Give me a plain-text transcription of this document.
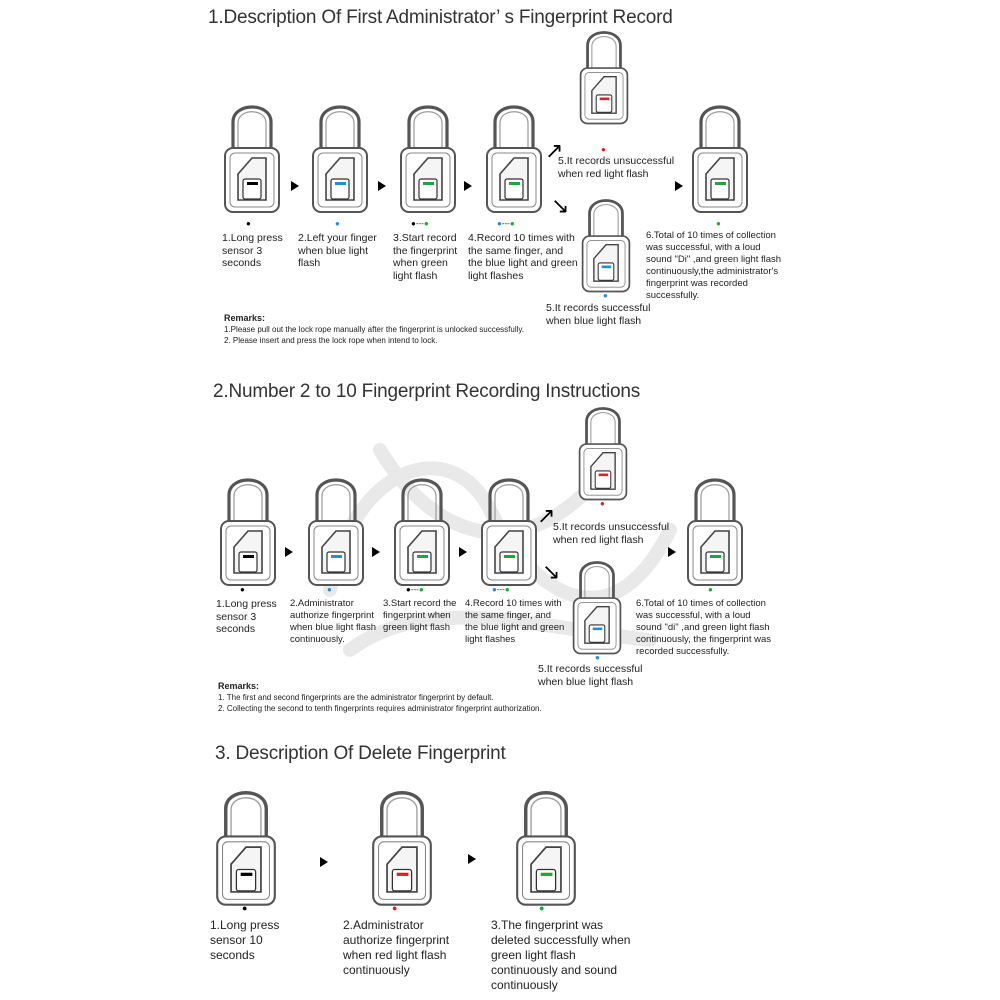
1.Description Of First Administrator’ s Fingerprint Record
↗
↘
●	●	●---●	●---●
●
●
●
1.Long press sensor 3 seconds
2.Left your finger when blue light flash
3.Start record the fingerprint when green light flash
4.Record 10 times with the same finger, and the blue light and green light flashes
5.It records unsuccessful when red light flash
5.It records successful when blue light flash
6.Total of 10 times of collection was successful, with a loud sound "Di" ,and green light flash continuously,the administrator's fingerprint was recorded successfully.
Remarks:
1.Please pull out the lock rope manually after the fingerprint is unlocked successfully.
2. Please insert and press the lock rope when intend to lock.
2.Number 2 to 10 Fingerprint Recording Instructions
↗
↘
●	●	●---●	●---●
●
●
●
1.Long press sensor 3 seconds
2.Administrator authorize fingerprint when blue light flash continuously.
3.Start record the fingerprint when green light flash
4.Record 10 times with the same finger, and the blue light and green light flashes
5.It records unsuccessful when red light flash
5.It records successful when blue light flash
6.Total of 10 times of collection was successful, with a loud sound "di" ,and green light flash continuously, the fingerprint was recorded successfully.
Remarks:
1. The first and second fingerprints are the administrator fingerprint by default.
2. Collecting the second to tenth fingerprints requires administrator fingerprint authorization.
3. Description Of Delete Fingerprint
●	●	●
1.Long press sensor 10 seconds
2.Administrator authorize fingerprint when red light flash continuously
3.The fingerprint was deleted successfully when green light flash continuously and sound continuously
